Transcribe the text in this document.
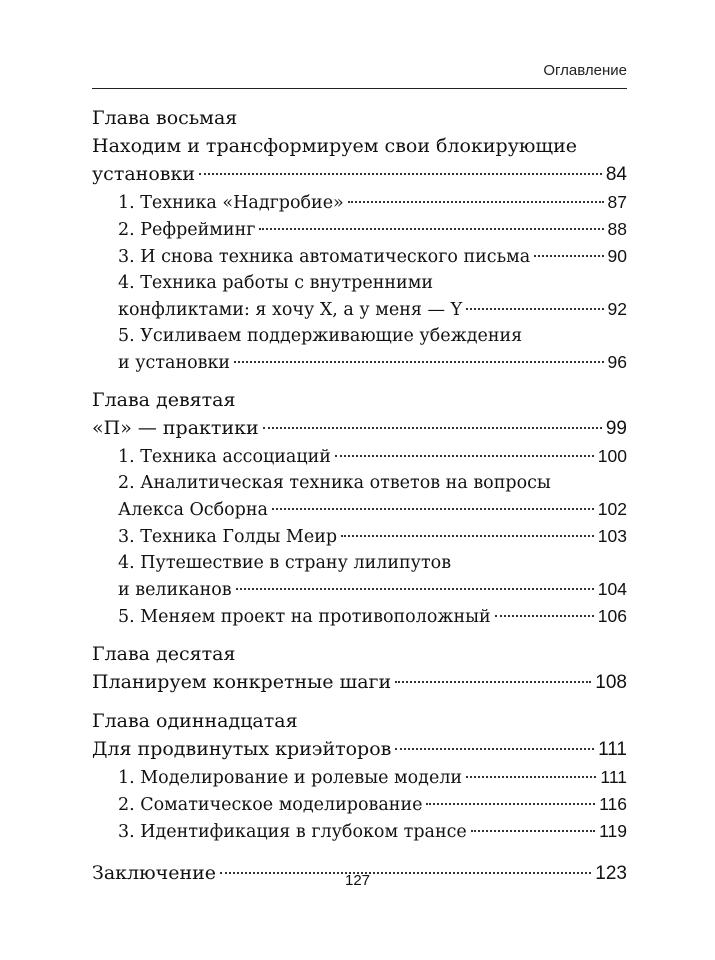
Оглавление
Глава восьмая
Находим и трансформируем свои блокирующие
установки	84
1. Техника «Надгробие»	87
2. Рефрейминг	88
3. И снова техника автоматического письма	90
4. Техника работы с внутренними
конфликтами: я хочу X, а у меня — Y	92
5. Усиливаем поддерживающие убеждения
и установки	96
Глава девятая
«П» — практики	99
1. Техника ассоциаций	100
2. Аналитическая техника ответов на вопросы
Алекса Осборна	102
3. Техника Голды Меир	103
4. Путешествие в страну лилипутов
и великанов	104
5. Меняем проект на противоположный	106
Глава десятая
Планируем конкретные шаги	108
Глава одиннадцатая
Для продвинутых криэйторов	111
1. Моделирование и ролевые модели	111
2. Соматическое моделирование	116
3. Идентификация в глубоком трансе	119
Заключение	123
127
